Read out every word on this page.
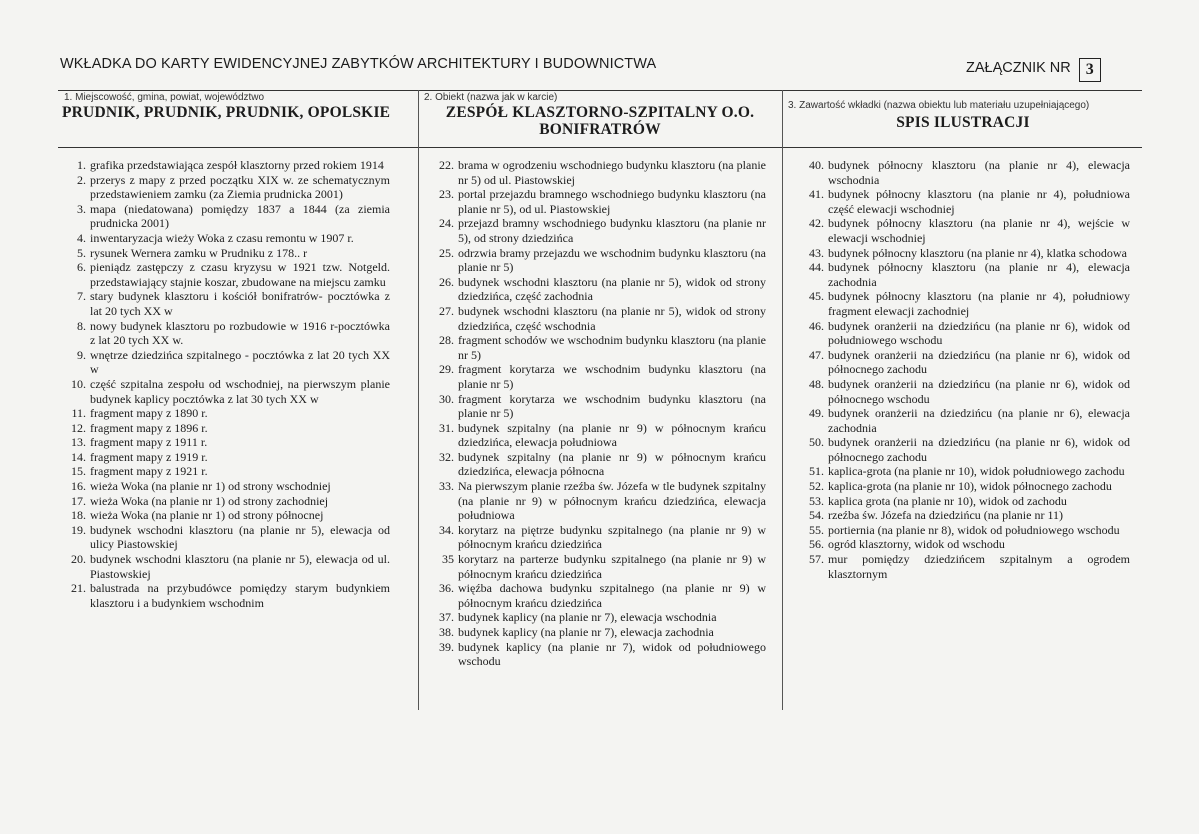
WKŁADKA DO KARTY EWIDENCYJNEJ ZABYTKÓW ARCHITEKTURY I BUDOWNICTWA	ZAŁĄCZNIK NR 3
1. Miejscowość, gmina, powiat, województwo
PRUDNIK, PRUDNIK, PRUDNIK, OPOLSKIE
2. Obiekt (nazwa jak w karcie)
ZESPÓŁ KLASZTORNO-SZPITALNY O.O. BONIFRATRÓW
3. Zawartość wkładki (nazwa obiektu lub materiału uzupełniającego)
SPIS ILUSTRACJI
1. grafika przedstawiająca zespół klasztorny przed rokiem 1914
2. przerys z mapy z przed początku XIX w. ze schematycznym przedstawieniem zamku (za Ziemia prudnicka 2001)
3. mapa (niedatowana) pomiędzy 1837 a 1844 (za ziemia prudnicka 2001)
4. inwentaryzacja wieży Woka z czasu remontu w 1907 r.
5. rysunek Wernera zamku w Prudniku z 178.. r
6. pieniądz zastępczy z czasu kryzysu w 1921 tzw. Notgeld. przedstawiający stajnie koszar, zbudowane na miejscu zamku
7. stary budynek klasztoru i kościół bonifratrów- pocztówka z lat 20 tych XX w
8. nowy budynek klasztoru po rozbudowie w 1916 r-pocztówka z lat 20 tych XX w.
9. wnętrze dziedzińca szpitalnego - pocztówka z lat 20 tych XX w
10. część szpitalna zespołu od wschodniej, na pierwszym planie budynek kaplicy pocztówka z lat 30 tych XX w
11. fragment mapy z 1890 r.
12. fragment mapy z 1896 r.
13. fragment mapy z 1911 r.
14. fragment mapy z 1919 r.
15. fragment mapy z 1921 r.
16. wieża Woka (na planie nr 1) od strony wschodniej
17. wieża Woka (na planie nr 1) od strony zachodniej
18. wieża Woka (na planie nr 1) od strony północnej
19. budynek wschodni klasztoru (na planie nr 5), elewacja od ulicy Piastowskiej
20. budynek wschodni klasztoru (na planie nr 5), elewacja od ul. Piastowskiej
21. balustrada na przybudówce pomiędzy starym budynkiem klasztoru i a budynkiem wschodnim
22. brama w ogrodzeniu wschodniego budynku klasztoru (na planie nr 5) od ul. Piastowskiej
23. portal przejazdu bramnego wschodniego budynku klasztoru (na planie nr 5), od ul. Piastowskiej
24. przejazd bramny wschodniego budynku klasztoru (na planie nr 5), od strony dziedzińca
25. odrzwia bramy przejazdu we wschodnim budynku klasztoru (na planie nr 5)
26. budynek wschodni klasztoru (na planie nr 5), widok od strony dziedzińca, część zachodnia
27. budynek wschodni klasztoru (na planie nr 5), widok od strony dziedzińca, część wschodnia
28. fragment schodów we wschodnim budynku klasztoru (na planie nr 5)
29. fragment korytarza we wschodnim budynku klasztoru (na planie nr 5)
30. fragment korytarza we wschodnim budynku klasztoru (na planie nr 5)
31. budynek szpitalny (na planie nr 9) w północnym krańcu dziedzińca, elewacja południowa
32. budynek szpitalny (na planie nr 9) w północnym krańcu dziedzińca, elewacja północna
33. Na pierwszym planie rzeźba św. Józefa w tle budynek szpitalny (na planie nr 9) w północnym krańcu dziedzińca, elewacja południowa
34. korytarz na piętrze budynku szpitalnego (na planie nr 9) w północnym krańcu dziedzińca
35 korytarz na parterze budynku szpitalnego (na planie nr 9) w północnym krańcu dziedzińca
36. więźba dachowa budynku szpitalnego (na planie nr 9) w północnym krańcu dziedzińca
37. budynek kaplicy (na planie nr 7), elewacja wschodnia
38. budynek kaplicy (na planie nr 7), elewacja zachodnia
39. budynek kaplicy (na planie nr 7), widok od południowego wschodu
40. budynek północny klasztoru (na planie nr 4), elewacja wschodnia
41. budynek północny klasztoru (na planie nr 4), południowa część elewacji wschodniej
42. budynek północny klasztoru (na planie nr 4), wejście w elewacji wschodniej
43. budynek północny klasztoru (na planie nr 4), klatka schodowa
44. budynek północny klasztoru (na planie nr 4), elewacja zachodnia
45. budynek północny klasztoru (na planie nr 4), południowy fragment elewacji zachodniej
46. budynek oranżerii na dziedzińcu (na planie nr 6), widok od południowego wschodu
47. budynek oranżerii na dziedzińcu (na planie nr 6), widok od północnego zachodu
48. budynek oranżerii na dziedzińcu (na planie nr 6), widok od północnego wschodu
49. budynek oranżerii na dziedzińcu (na planie nr 6), elewacja zachodnia
50. budynek oranżerii na dziedzińcu (na planie nr 6), widok od północnego zachodu
51. kaplica-grota (na planie nr 10), widok południowego zachodu
52. kaplica-grota (na planie nr 10), widok północnego zachodu
53. kaplica grota (na planie nr 10), widok od zachodu
54. rzeźba św. Józefa na dziedzińcu (na planie nr 11)
55. portiernia (na planie nr 8), widok od południowego wschodu
56. ogród klasztorny, widok od wschodu
57. mur pomiędzy dziedzińcem szpitalnym a ogrodem klasztornym
